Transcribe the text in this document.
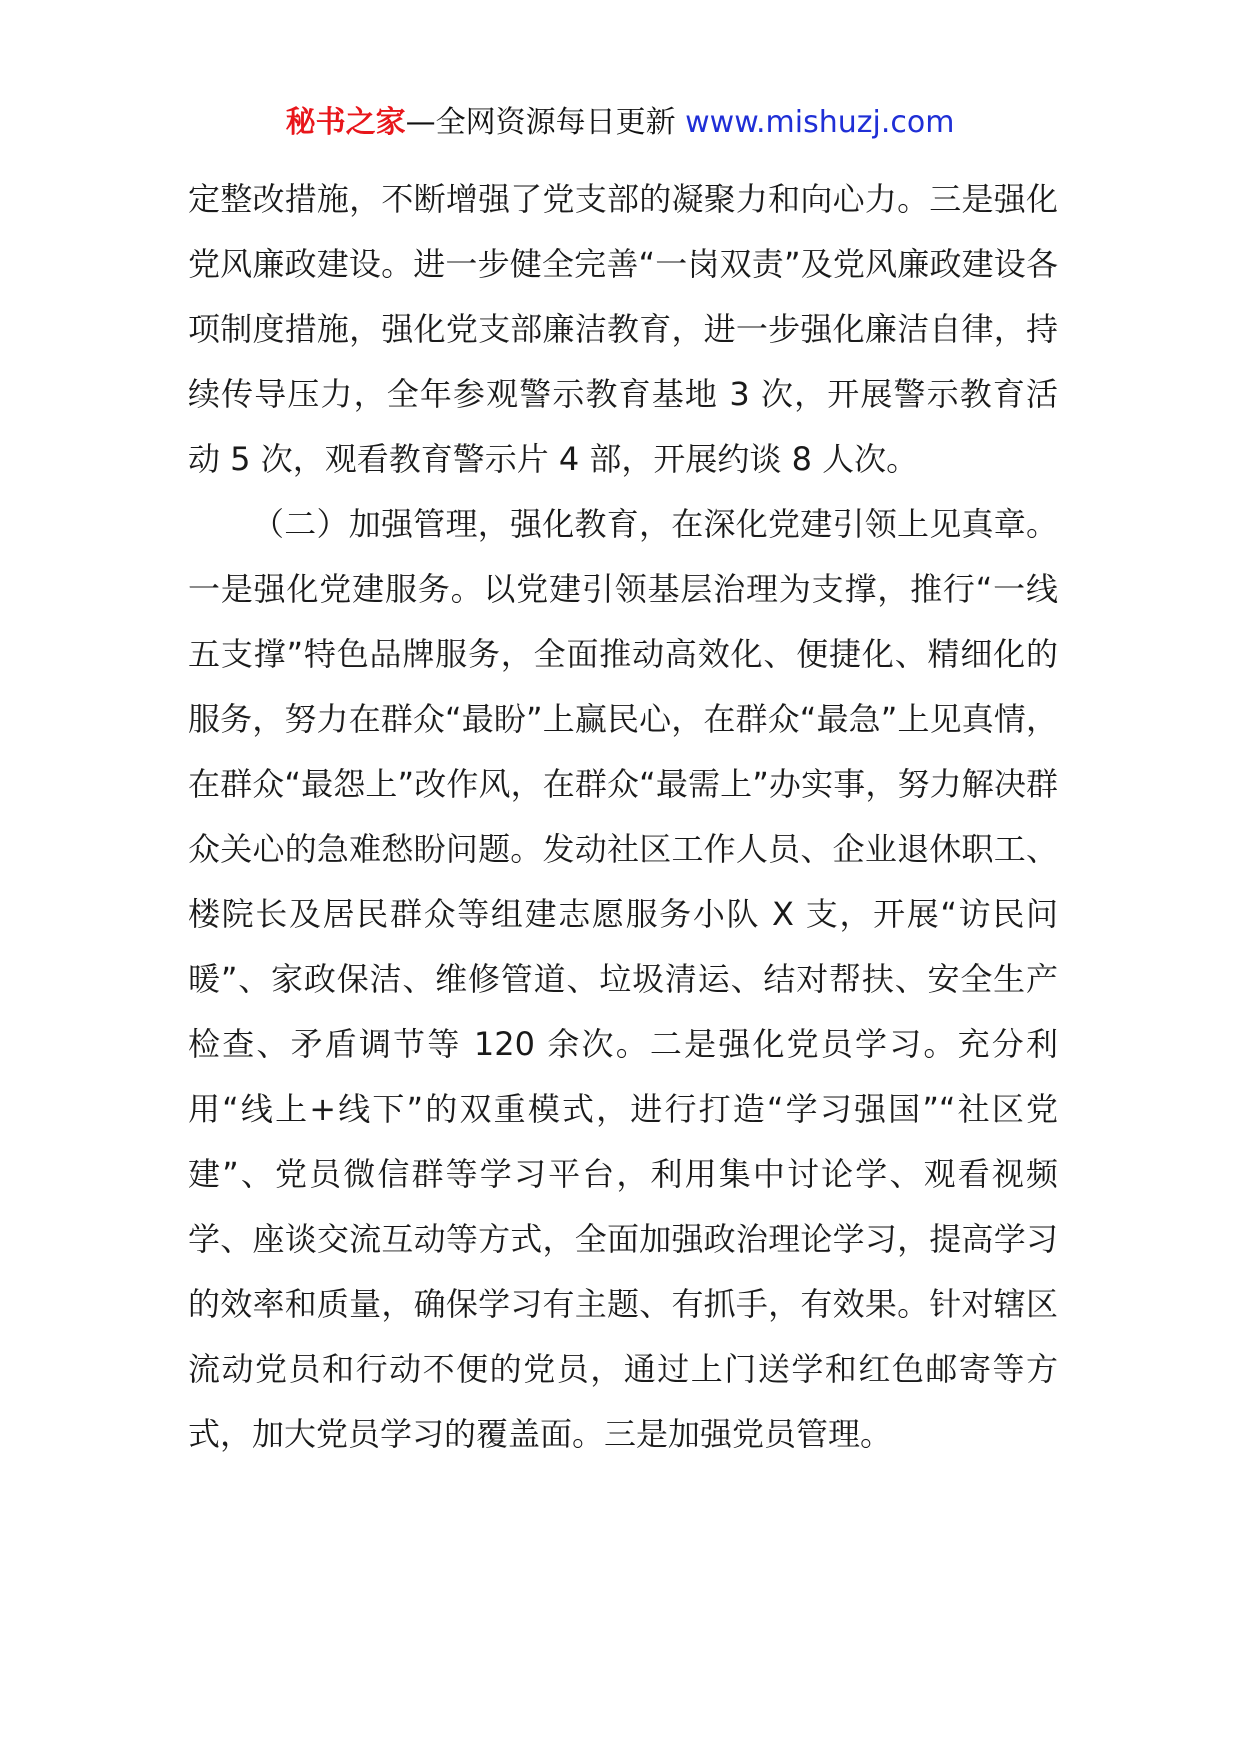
秘书之家—全网资源每日更新 www.mishuzj.com

定整改措施，不断增强了党支部的凝聚力和向心力。三是强化党风廉政建设。进一步健全完善“一岗双责”及党风廉政建设各项制度措施，强化党支部廉洁教育，进一步强化廉洁自律，持续传导压力，全年参观警示教育基地 3 次，开展警示教育活动 5 次，观看教育警示片 4 部，开展约谈 8 人次。

（二）加强管理，强化教育，在深化党建引领上见真章。一是强化党建服务。以党建引领基层治理为支撑，推行“一线五支撑”特色品牌服务，全面推动高效化、便捷化、精细化的服务，努力在群众“最盼”上赢民心，在群众“最急”上见真情，在群众“最怨上”改作风，在群众“最需上”办实事，努力解决群众关心的急难愁盼问题。发动社区工作人员、企业退休职工、楼院长及居民群众等组建志愿服务小队 X 支，开展“访民问暖”、家政保洁、维修管道、垃圾清运、结对帮扶、安全生产检查、矛盾调节等 120 余次。二是强化党员学习。充分利用“线上+线下”的双重模式，进行打造“学习强国”“社区党建”、党员微信群等学习平台，利用集中讨论学、观看视频学、座谈交流互动等方式，全面加强政治理论学习，提高学习的效率和质量，确保学习有主题、有抓手，有效果。针对辖区流动党员和行动不便的党员，通过上门送学和红色邮寄等方式，加大党员学习的覆盖面。三是加强党员管理。
